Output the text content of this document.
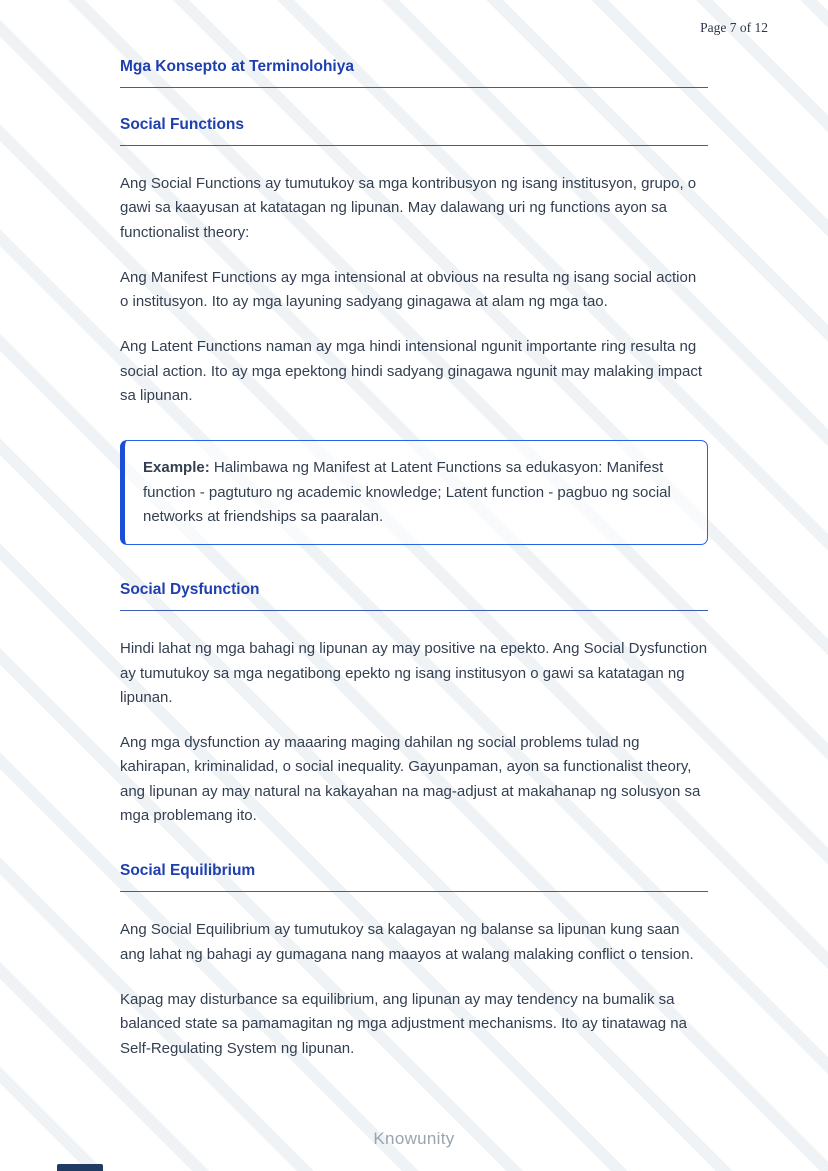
Page 7 of 12
Mga Konsepto at Terminolohiya
Social Functions

Ang Social Functions ay tumutukoy sa mga kontribusyon ng isang institusyon, grupo, o gawi sa kaayusan at katatagan ng lipunan. May dalawang uri ng functions ayon sa functionalist theory:

Ang Manifest Functions ay mga intensional at obvious na resulta ng isang social action o institusyon. Ito ay mga layuning sadyang ginagawa at alam ng mga tao.

Ang Latent Functions naman ay mga hindi intensional ngunit importante ring resulta ng social action. Ito ay mga epektong hindi sadyang ginagawa ngunit may malaking impact sa lipunan.

Example: Halimbawa ng Manifest at Latent Functions sa edukasyon: Manifest function - pagtuturo ng academic knowledge; Latent function - pagbuo ng social networks at friendships sa paaralan.
Social Dysfunction

Hindi lahat ng mga bahagi ng lipunan ay may positive na epekto. Ang Social Dysfunction ay tumutukoy sa mga negatibong epekto ng isang institusyon o gawi sa katatagan ng lipunan.

Ang mga dysfunction ay maaaring maging dahilan ng social problems tulad ng kahirapan, kriminalidad, o social inequality. Gayunpaman, ayon sa functionalist theory, ang lipunan ay may natural na kakayahan na mag-adjust at makahanap ng solusyon sa mga problemang ito.

Social Equilibrium

Ang Social Equilibrium ay tumutukoy sa kalagayan ng balanse sa lipunan kung saan ang lahat ng bahagi ay gumagana nang maayos at walang malaking conflict o tension.

Kapag may disturbance sa equilibrium, ang lipunan ay may tendency na bumalik sa balanced state sa pamamagitan ng mga adjustment mechanisms. Ito ay tinatawag na Self-Regulating System ng lipunan.

Knowunity
